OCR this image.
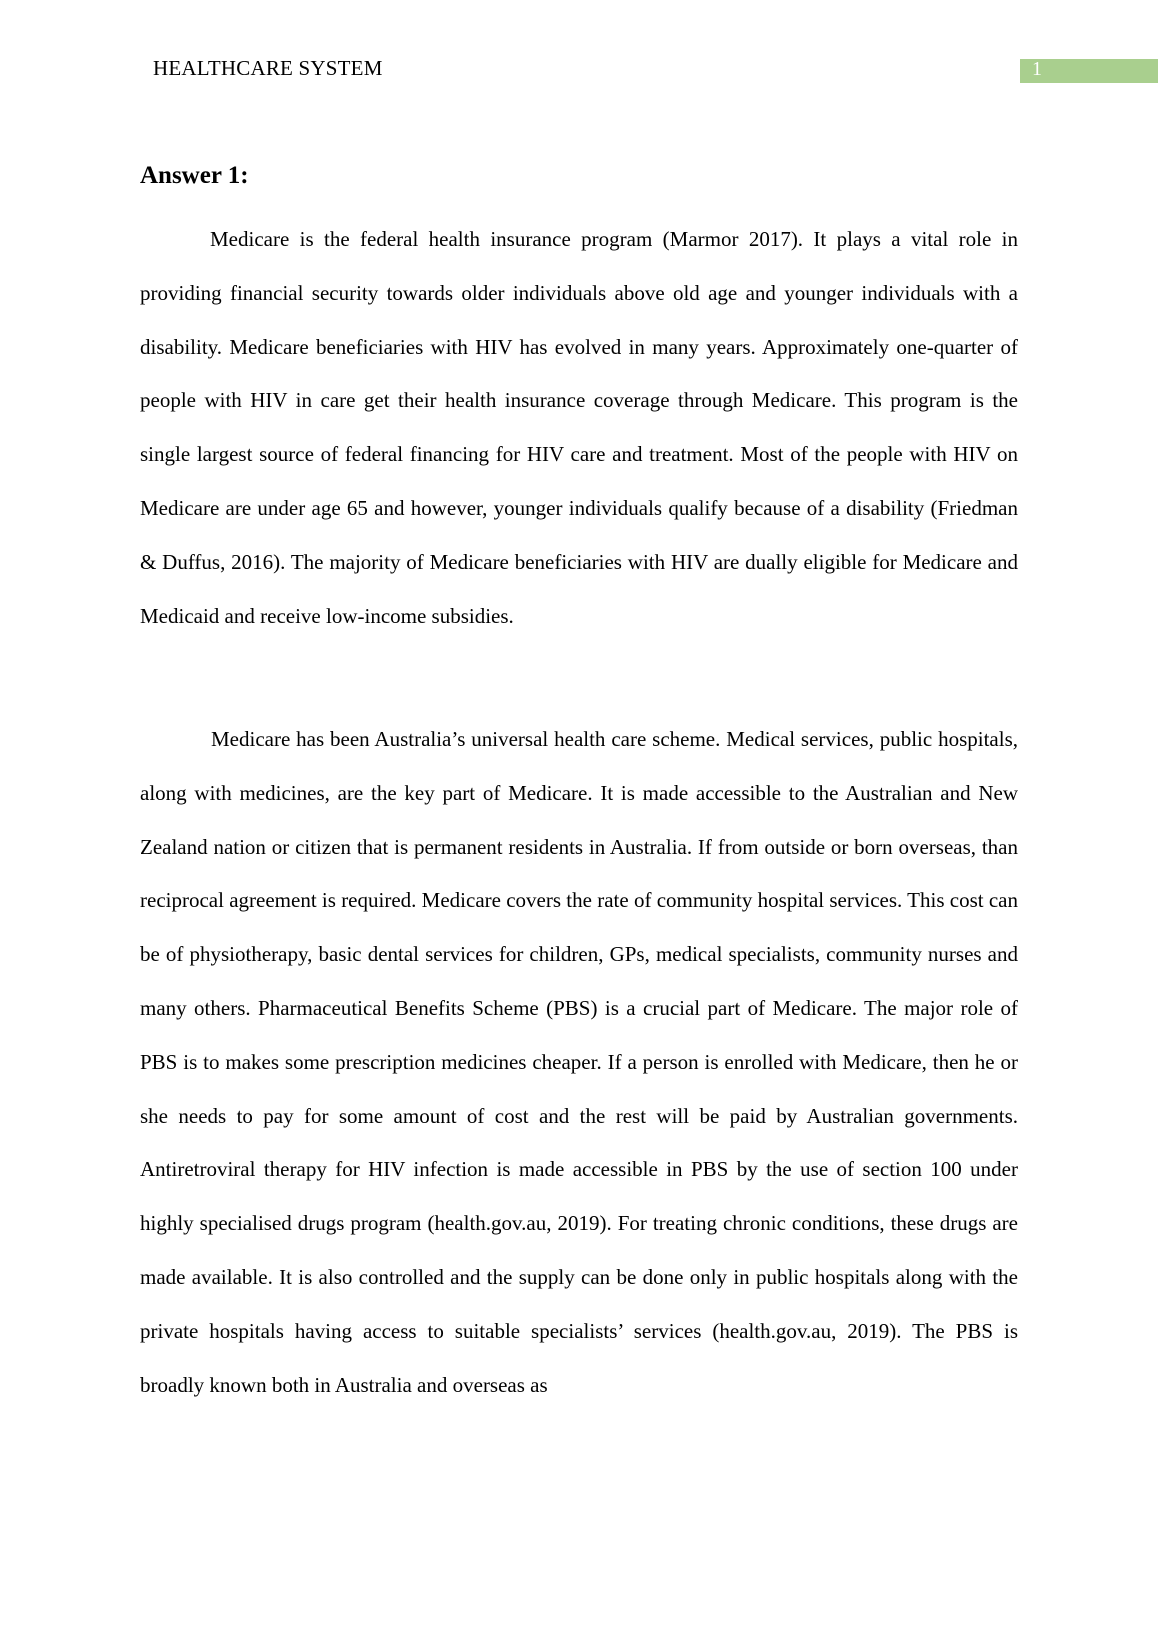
HEALTHCARE SYSTEM	1
Answer 1:

Medicare is the federal health insurance program (Marmor 2017). It plays a vital role in providing financial security towards older individuals above old age and younger individuals with a disability. Medicare beneficiaries with HIV has evolved in many years. Approximately one-quarter of people with HIV in care get their health insurance coverage through Medicare. This program is the single largest source of federal financing for HIV care and treatment. Most of the people with HIV on Medicare are under age 65 and however, younger individuals qualify because of a disability (Friedman & Duffus, 2016). The majority of Medicare beneficiaries with HIV are dually eligible for Medicare and Medicaid and receive low-income subsidies.

Medicare has been Australia’s universal health care scheme. Medical services, public hospitals, along with medicines, are the key part of Medicare. It is made accessible to the Australian and New Zealand nation or citizen that is permanent residents in Australia. If from outside or born overseas, than reciprocal agreement is required. Medicare covers the rate of community hospital services. This cost can be of physiotherapy, basic dental services for children, GPs, medical specialists, community nurses and many others. Pharmaceutical Benefits Scheme (PBS) is a crucial part of Medicare. The major role of PBS is to makes some prescription medicines cheaper. If a person is enrolled with Medicare, then he or she needs to pay for some amount of cost and the rest will be paid by Australian governments. Antiretroviral therapy for HIV infection is made accessible in PBS by the use of section 100 under highly specialised drugs program (health.gov.au, 2019). For treating chronic conditions, these drugs are made available. It is also controlled and the supply can be done only in public hospitals along with the private hospitals having access to suitable specialists’ services (health.gov.au, 2019). The PBS is broadly known both in Australia and overseas as
